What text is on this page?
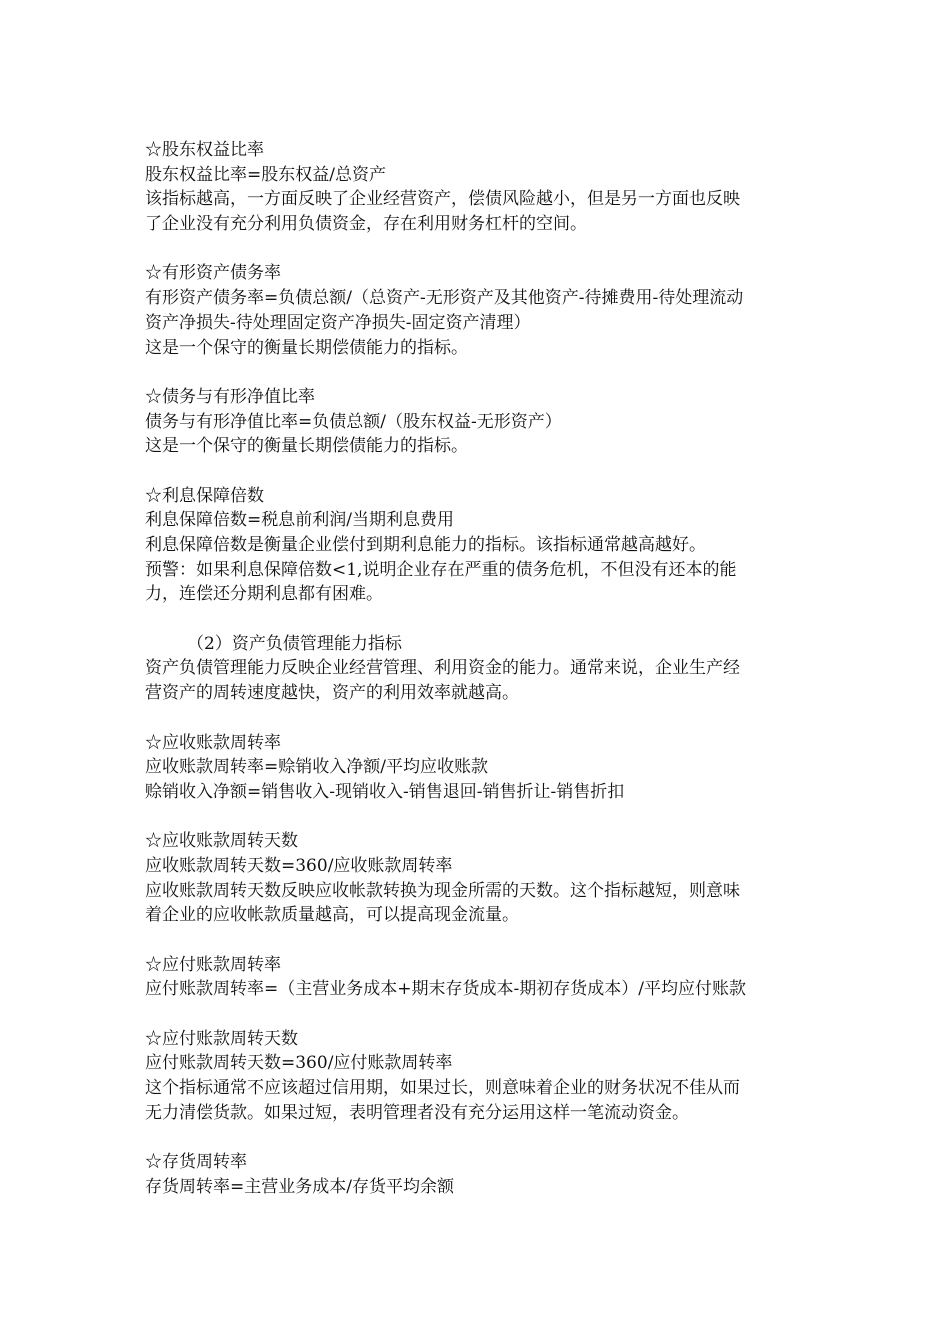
☆股东权益比率
股东权益比率=股东权益/总资产
该指标越高，一方面反映了企业经营资产，偿债风险越小，但是另一方面也反映
了企业没有充分利用负债资金，存在利用财务杠杆的空间。
☆有形资产债务率
有形资产债务率=负债总额/（总资产-无形资产及其他资产-待摊费用-待处理流动
资产净损失-待处理固定资产净损失-固定资产清理）
这是一个保守的衡量长期偿债能力的指标。
☆债务与有形净值比率
债务与有形净值比率=负债总额/（股东权益-无形资产）
这是一个保守的衡量长期偿债能力的指标。
☆利息保障倍数
利息保障倍数=税息前利润/当期利息费用
利息保障倍数是衡量企业偿付到期利息能力的指标。该指标通常越高越好。
预警：如果利息保障倍数<1,说明企业存在严重的债务危机，不但没有还本的能
力，连偿还分期利息都有困难。
（2）资产负债管理能力指标
资产负债管理能力反映企业经营管理、利用资金的能力。通常来说，企业生产经
营资产的周转速度越快，资产的利用效率就越高。
☆应收账款周转率
应收账款周转率=赊销收入净额/平均应收账款
赊销收入净额=销售收入-现销收入-销售退回-销售折让-销售折扣
☆应收账款周转天数
应收账款周转天数=360/应收账款周转率
应收账款周转天数反映应收帐款转换为现金所需的天数。这个指标越短，则意味
着企业的应收帐款质量越高，可以提高现金流量。
☆应付账款周转率
应付账款周转率=（主营业务成本+期末存货成本-期初存货成本）/平均应付账款
☆应付账款周转天数
应付账款周转天数=360/应付账款周转率
这个指标通常不应该超过信用期，如果过长，则意味着企业的财务状况不佳从而
无力清偿货款。如果过短，表明管理者没有充分运用这样一笔流动资金。
☆存货周转率
存货周转率=主营业务成本/存货平均余额
